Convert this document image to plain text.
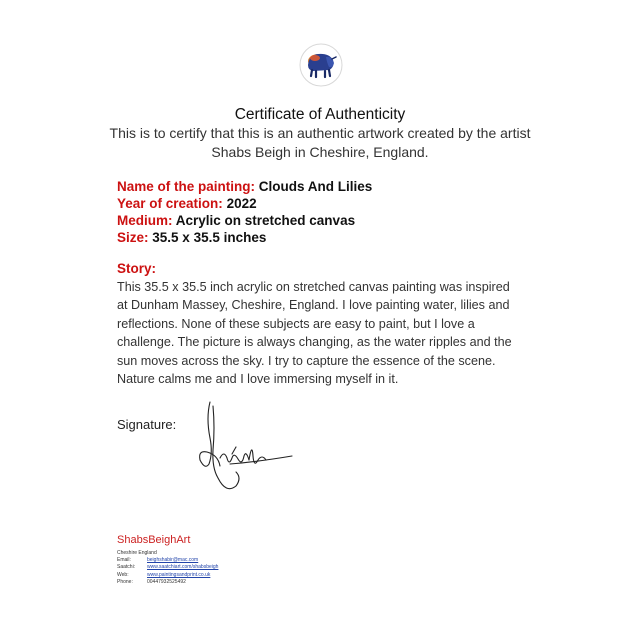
Certificate of Authenticity
This is to certify that this is an authentic artwork created by the artist
Shabs Beigh in Cheshire, England.
Name of the painting: Clouds And Lilies
Year of creation: 2022
Medium: Acrylic on stretched canvas
Size: 35.5 x 35.5 inches
Story:
This 35.5 x 35.5 inch acrylic on stretched canvas painting was inspired
at Dunham Massey, Cheshire, England. I love painting water, lilies and
reflections. None of these subjects are easy to paint, but I love a
challenge. The picture is always changing, as the water ripples and the
sun moves across the sky. I try to capture the essence of the scene.
Nature calms me and I love immersing myself in it.
Signature:
ShabsBeighArt
Cheshire England
Email:	beighshabir@mac.com
Saatchi: www.saatchiart.com/shabsbeigh
Web:	www.paintingsandprint.co.uk
Phone:	00447932525492
